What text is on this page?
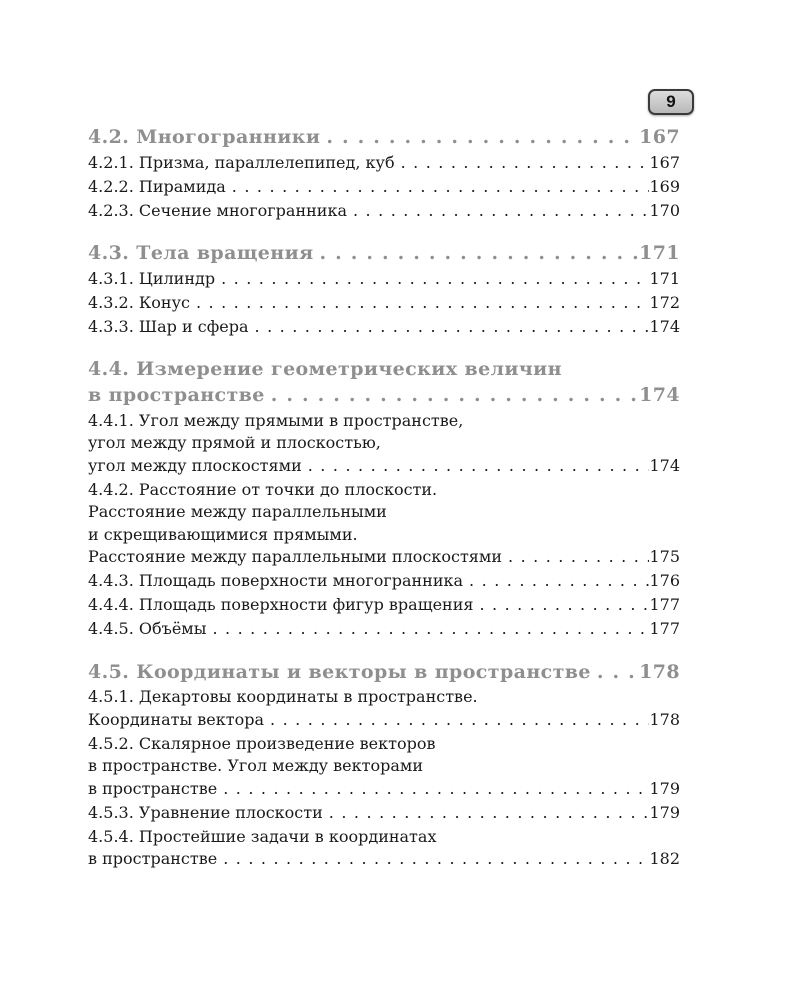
9
4.2. Многогранники . . .	167
4.2.1. Призма, параллелепипед, куб . . .	167
4.2.2. Пирамида . . .	169
4.2.3. Сечение многогранника . . .	170
4.3. Тела вращения . . .	171
4.3.1. Цилиндр . . .	171
4.3.2. Конус . . .	172
4.3.3. Шар и сфера . . .	174
4.4. Измерение геометрических величин
в пространстве . . .	174
4.4.1. Угол между прямыми в пространстве,
угол между прямой и плоскостью,
угол между плоскостями . . .	174
4.4.2. Расстояние от точки до плоскости.
Расстояние между параллельными
и скрещивающимися прямыми.
Расстояние между параллельными плоскостями . . .	175
4.4.3. Площадь поверхности многогранника . . .	176
4.4.4. Площадь поверхности фигур вращения . . .	177
4.4.5. Объёмы . . .	177
4.5. Координаты и векторы в пространстве . . .	178
4.5.1. Декартовы координаты в пространстве.
Координаты вектора . . .	178
4.5.2. Скалярное произведение векторов
в пространстве. Угол между векторами
в пространстве . . .	179
4.5.3. Уравнение плоскости . . .	179
4.5.4. Простейшие задачи в координатах
в пространстве . . .	182
